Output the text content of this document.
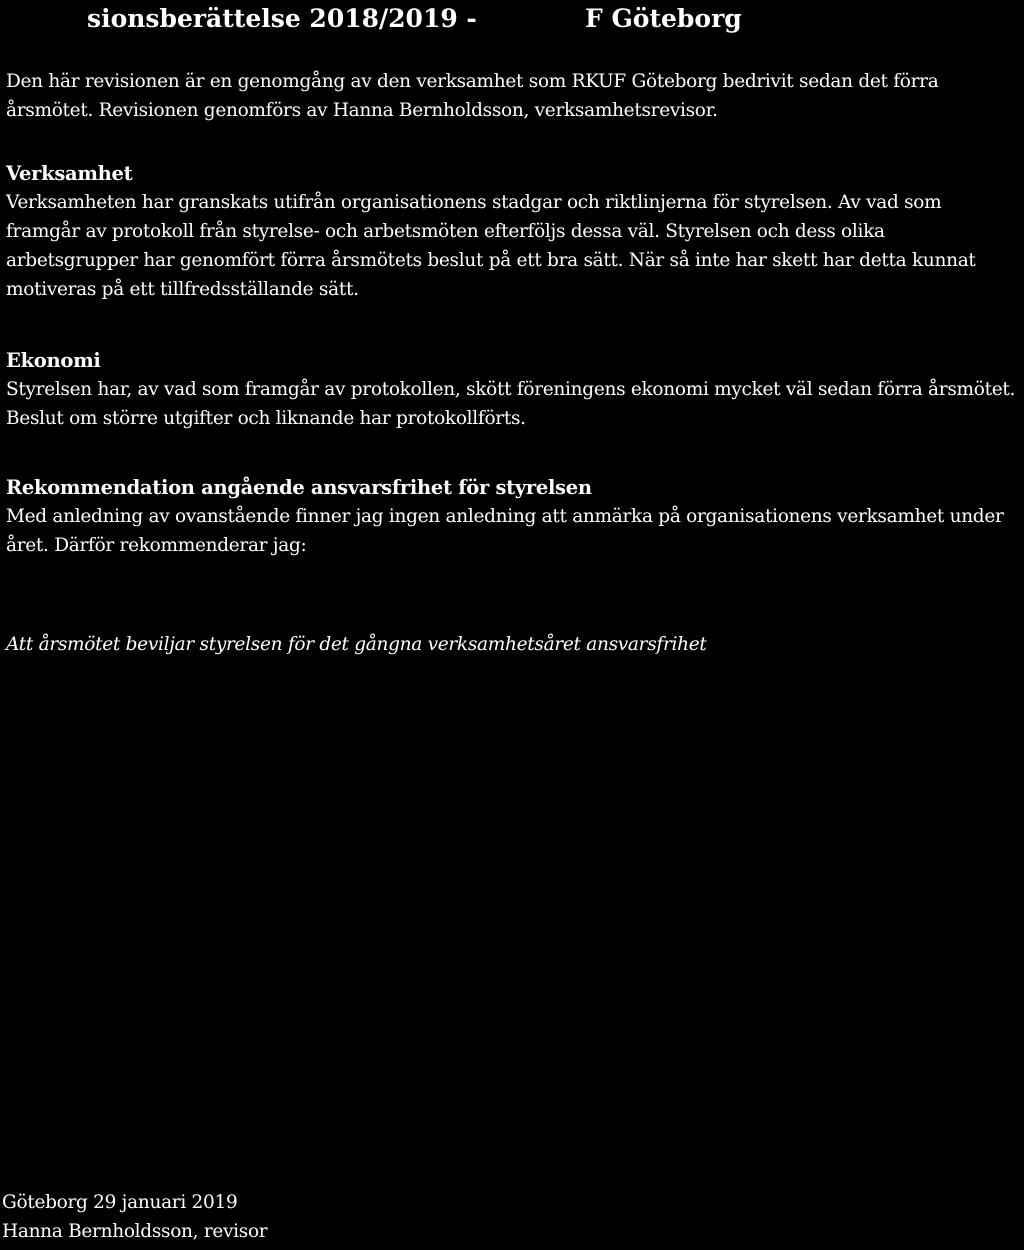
sionsberättelse 2018/2019 -	F Göteborg
Den här revisionen är en genomgång av den verksamhet som RKUF Göteborg bedrivit sedan det förra årsmötet. Revisionen genomförs av Hanna Bernholdsson, verksamhetsrevisor.
Verksamhet
Verksamheten har granskats utifrån organisationens stadgar och riktlinjerna för styrelsen. Av vad som framgår av protokoll från styrelse- och arbetsmöten efterföljs dessa väl. Styrelsen och dess olika arbetsgrupper har genomfört förra årsmötets beslut på ett bra sätt. När så inte har skett har detta kunnat motiveras på ett tillfredsställande sätt.
Ekonomi
Styrelsen har, av vad som framgår av protokollen, skött föreningens ekonomi mycket väl sedan förra årsmötet. Beslut om större utgifter och liknande har protokollförts.
Rekommendation angående ansvarsfrihet för styrelsen
Med anledning av ovanstående finner jag ingen anledning att anmärka på organisationens verksamhet under året. Därför rekommenderar jag:
Att årsmötet beviljar styrelsen för det gångna verksamhetsåret ansvarsfrihet
Göteborg 29 januari 2019
Hanna Bernholdsson, revisor
